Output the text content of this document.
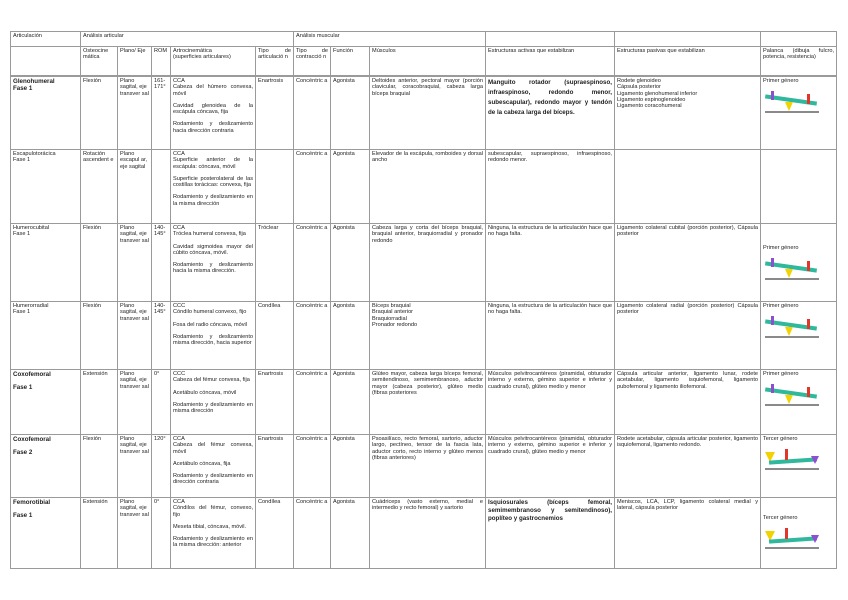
Articulación	Análisis articular					Análisis muscular					
	Osteocine mática	Plano/ Eje	ROM	Artrocinemática
(superficies articulares)	Tipo de articulació n	Tipo de contracció n	Función	Músculos	Estructuras activas que estabilizan	Estructuras pasivas que estabilizan	Palanca (dibuja fulcro, potencia, resistencia)
Glenohumeral
Fase 1	Flexión	Plano sagital, eje transver sal	161-171°	CCA
Cabeza del húmero convexa, móvil
Cavidad glenoidea de la escápula cóncava, fija
Rodamiento y deslizamiento hacia dirección contraria	Enartrosis	Concéntric a	Agonista	Deltoides anterior, pectoral mayor (porción clavicular, coracobraquial, cabeza larga bíceps braquial	Manguito rotador (supraespinoso, infraespinoso, redondo menor, subescapular), redondo mayor y tendón de la cabeza larga del bíceps.	Rodete glenoideo
Cápsula posterior
Ligamento glenohumeral inferior
Ligamento espinoglenoideo
Ligamento coracohumeral	Primer género

Escapulotorácica
Fase 1	Rotación ascendent e	Plano escapul ar, eje sagital		CCA
Superficie anterior de la escápula: cóncava, móvil
Superficie posterolateral de las costillas torácicas: convexa, fija
Rodamiento y deslizamiento en la misma dirección		Concéntric a	Agonista	Elevador de la escápula, romboides y dorsal ancho	subescapular, supraespinoso, infraespinoso, redondo menor.		

Humerocubital
Fase 1	Flexión	Plano sagital, eje transver sal	140-145°	CCA
Tróclea humeral convexa, fija
Cavidad sigmoidea mayor del cúbito cóncava, móvil.
Rodamiento y deslizamiento hacia la misma dirección.	Tróclear	Concéntric a	Agonista	Cabeza larga y corta del bíceps braquial, braquial anterior, braquiorradial y pronador redondo	Ninguna, la estructura de la articulación hace que no haga falta.	Ligamento colateral cubital (porción posterior), Cápsula posterior	Primer género

Humerorradial
Fase 1	Flexión	Plano sagital, eje transver sal	140-145°	CCC
Cóndilo humeral convexo, fijo
Fosa del radio cóncava, móvil
Rodamiento y deslizamiento misma dirección, hacia superior	Condílea	Concéntric a	Agonista	Bíceps braquial
Braquial anterior
Braquiorradial
Pronador redondo	Ninguna, la estructura de la articulación hace que no haga falta.	Ligamento colateral radial (porción posterior) Cápsula posterior	Primer género

Coxofemoral
Fase 1	Extensión	Plano sagital, eje transver sal	0°	CCC
Cabeza del fémur convexa, fija
Acetábulo cóncava, móvil
Rodamiento y deslizamiento en misma dirección	Enartrosis	Concéntric a	Agonista	Glúteo mayor, cabeza larga bíceps femoral, semitendinoso, semimembranoso, aductor mayor (cabeza posterior), glúteo medio (fibras posteriores	Músculos pelvitrocantéreos (piramidal, obturador interno y externo, gémino superior e inferior y cuadrado crural), glúteo medio y menor	Cápsula articular anterior, ligamento lunar, rodete acetabular, ligamento isquiofemoral, ligamento pubofemoral y ligamento iliofemoral.	Primer género

Coxofemoral
Fase 2	Flexión	Plano sagital, eje transver sal	120°	CCA
Cabeza del fémur convexa, móvil
Acetábulo cóncava, fija
Rodamiento y deslizamiento en dirección contraria	Enartrosis	Concéntric a	Agonista	Psoasilíaco, recto femoral, sartorio, aductor largo, pectíneo, tensor de la fascia lata, aductor corto, recto interno y glúteo menos (fibras anteriores)	Músculos pelvitrocantéreos (piramidal, obturador interno y externo, gémino superior e inferior y cuadrado crural), glúteo medio y menor	Rodete acetabular, cápsula articular posterior, ligamento isquiofemoral, ligamento redondo.	Tercer género

Femorotibial
Fase 1	Extensión	Plano sagital, eje transver sal	0°	CCA
Cóndilos del fémur, convexo, fijo
Meseta tibial, cóncava, móvil.
Rodamiento y deslizamiento en la misma dirección: anterior	Condílea	Concéntric a	Agonista	Cuádriceps (vasto externo, medial e intermedio y recto femoral) y sartorio	Isquiosurales (bíceps femoral, semimembranoso y semitendinoso), poplíteo y gastrocnemios	Meniscos, LCA, LCP, ligamento colateral medial y lateral, cápsula posterior	Tercer género
